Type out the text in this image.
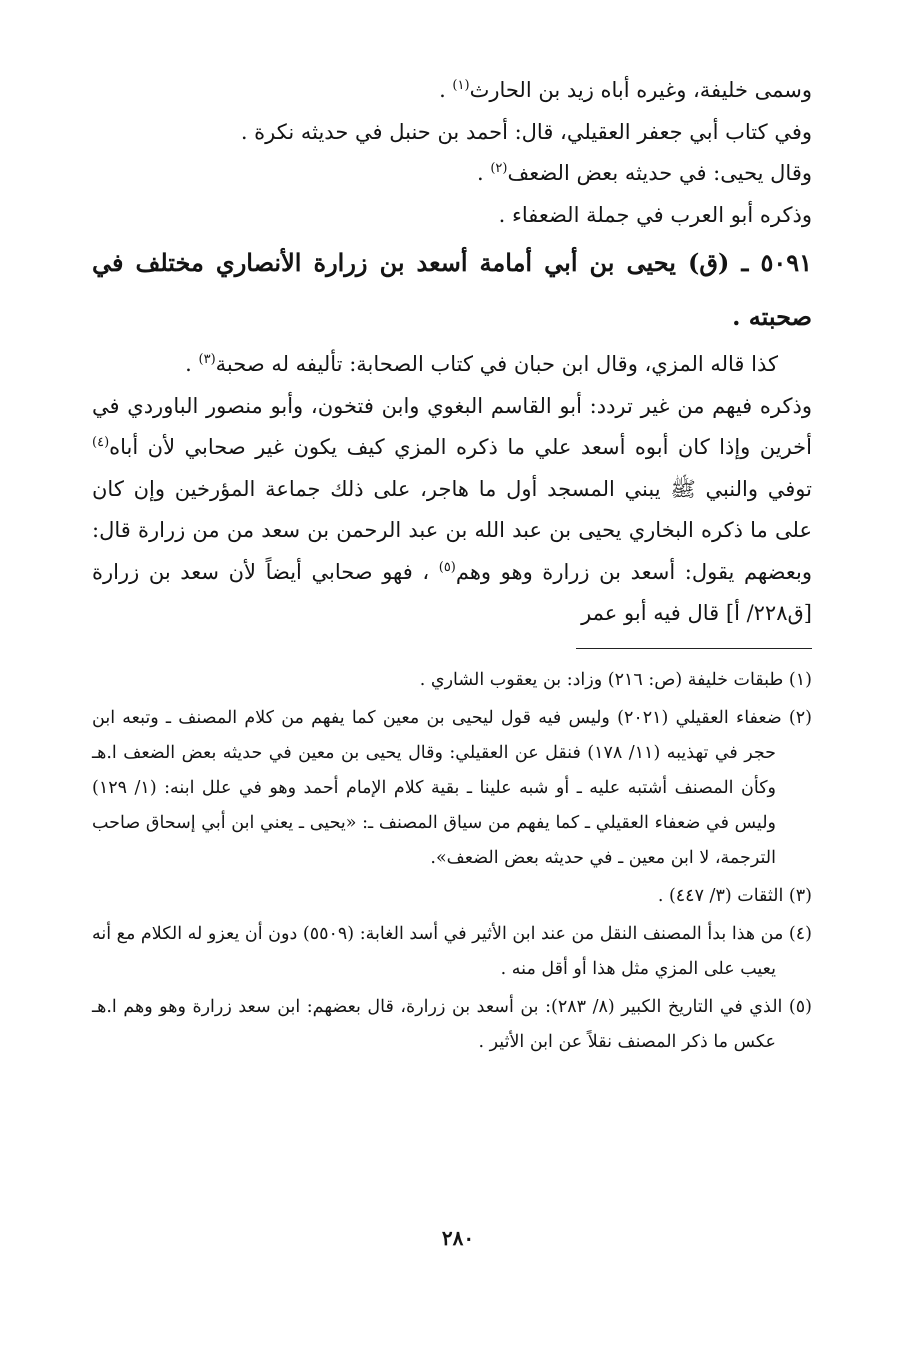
وسمى خليفة، وغيره أباه زيد بن الحارث$^{(١)}$ .

وفي كتاب أبي جعفر العقيلي، قال: أحمد بن حنبل في حديثه نكرة .

وقال يحيى: في حديثه بعض الضعف$^{(٢)}$ .

وذكره أبو العرب في جملة الضعفاء .

٥٠٩١ ـ (ق) يحيى بن أبي أمامة أسعد بن زرارة الأنصاري مختلف في صحبته .

كذا قاله المزي، وقال ابن حبان في كتاب الصحابة: تأليفه له صحبة$^{(٣)}$ .

وذكره فيهم من غير تردد: أبو القاسم البغوي وابن فتخون، وأبو منصور الباوردي في أخرين وإذا كان أبوه أسعد علي ما ذكره المزي كيف يكون غير صحابي لأن أباه$^{(٤)}$ توفي والنبي ﷺ يبني المسجد أول ما هاجر، على ذلك جماعة المؤرخين وإن كان على ما ذكره البخاري يحيى بن عبد الله بن عبد الرحمن بن سعد من من زرارة قال: وبعضهم يقول: أسعد بن زرارة وهو وهم$^{(٥)}$ ، فهو صحابي أيضاً لأن سعد بن زرارة [ق٢٢٨/ أ] قال فيه أبو عمر

(١) طبقات خليفة (ص: ٢١٦) وزاد: بن يعقوب الشاري .

(٢) ضعفاء العقيلي (٢٠٢١) وليس فيه قول ليحيى بن معين كما يفهم من كلام المصنف ـ وتبعه ابن حجر في تهذيبه (١١/ ١٧٨) فنقل عن العقيلي: وقال يحيى بن معين في حديثه بعض الضعف ا.هـ وكأن المصنف أشتبه عليه ـ أو شبه علينا ـ بقية كلام الإمام أحمد وهو في علل ابنه: (١/ ١٢٩) وليس في ضعفاء العقيلي ـ كما يفهم من سياق المصنف ـ: «يحيى ـ يعني ابن أبي إسحاق صاحب الترجمة، لا ابن معين ـ في حديثه بعض الضعف».

(٣) الثقات (٣/ ٤٤٧) .

(٤) من هذا بدأ المصنف النقل من عند ابن الأثير في أسد الغابة: (٥٥٠٩) دون أن يعزو له الكلام مع أنه يعيب على المزي مثل هذا أو أقل منه .

(٥) الذي في التاريخ الكبير (٨/ ٢٨٣): بن أسعد بن زرارة، قال بعضهم: ابن سعد زرارة وهو وهم ا.هـ عكس ما ذكر المصنف نقلاً عن ابن الأثير .

٢٨٠
